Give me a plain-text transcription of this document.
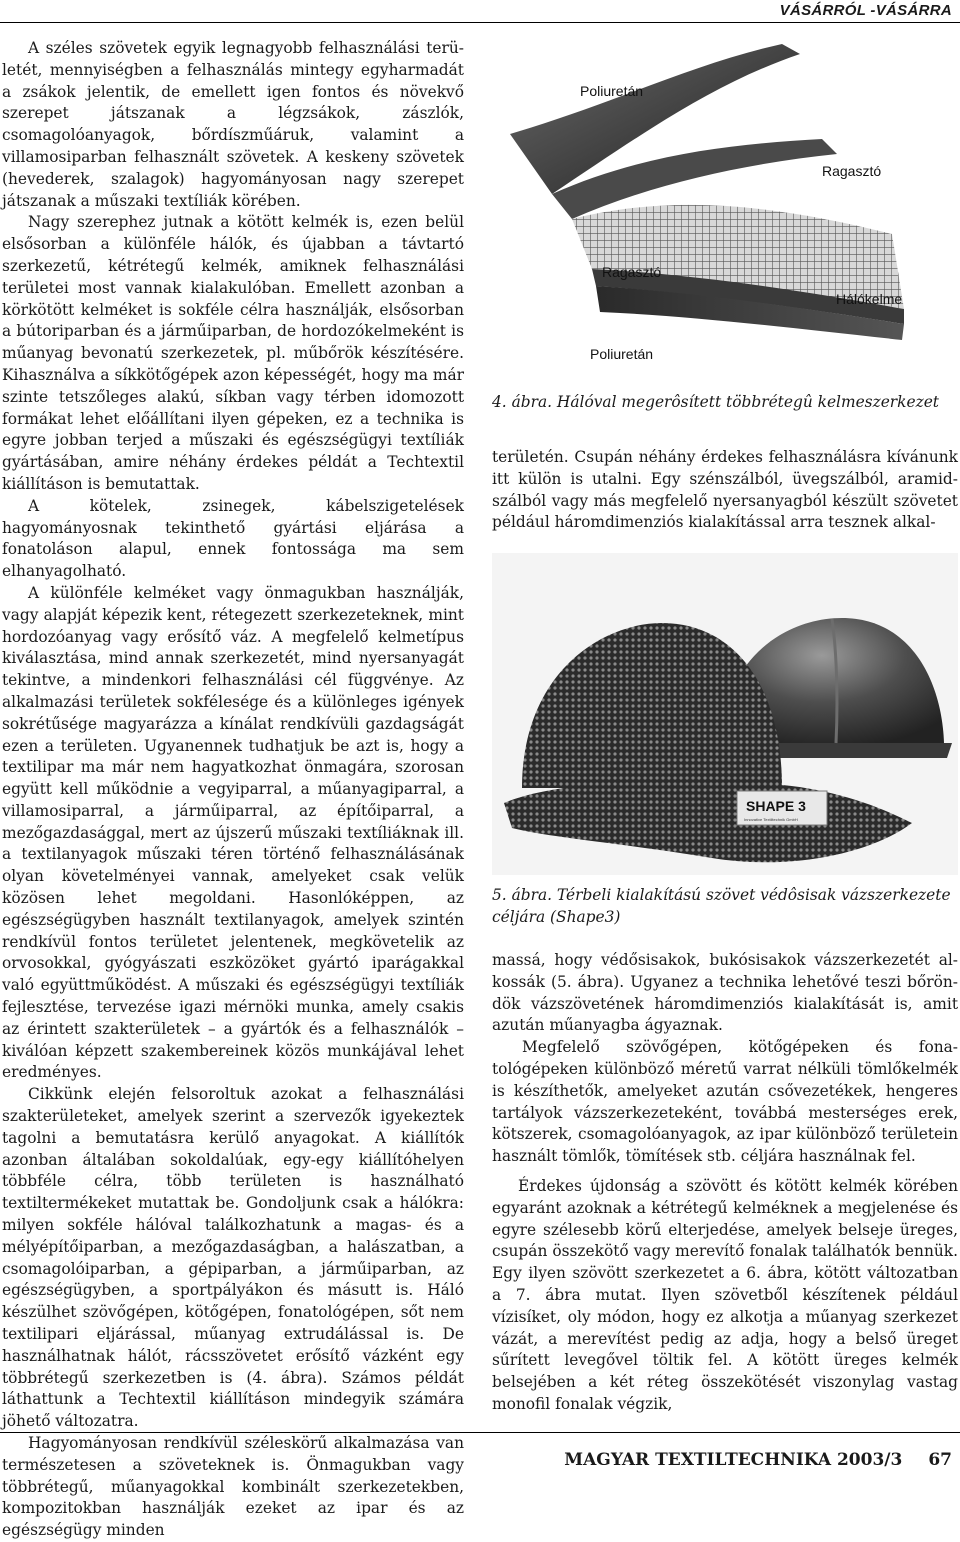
VÁSÁRRÓL -VÁSÁRRA

A széles szövetek egyik legnagyobb felhasználási területét, mennyiségben a felhasználás mintegy egyharmadát a zsákok jelentik, de emellett igen fontos és növekvő szerepet játszanak a légzsákok, zászlók, csomagolóanyagok, bőrdíszműáruk, valamint a villamosiparban felhasznált szövetek. A keskeny szövetek (hevederek, szalagok) hagyományosan nagy szerepet játszanak a műszaki textíliák körében.

Nagy szerephez jutnak a kötött kelmék is, ezen belül elsősorban a különféle hálók, és újabban a távtartó szerkezetű, kétrétegű kelmék, amiknek felhasználási területei most vannak kialakulóban. Emellett azonban a körkötött kelméket is sokféle célra használják, elsősorban a bútoriparban és a járműiparban, de hordozókelmeként is műanyag bevonatú szerkezetek, pl. műbőrök készítésére. Kihasználva a síkkötőgépek azon képességét, hogy ma már szinte tetszőleges alakú, síkban vagy térben idomozott formákat lehet előállítani ilyen gépeken, ez a technika is egyre jobban terjed a műszaki és egészségügyi textíliák gyártásában, amire néhány érdekes példát a Techtextil kiállításon is bemutattak.

A kötelek, zsinegek, kábelszigetelések hagyományosnak tekinthető gyártási eljárása a fonatoláson alapul, ennek fontossága ma sem elhanyagolható.

A különféle kelméket vagy önmagukban használják, vagy alapját képezik kent, rétegezett szerkezeteknek, mint hordozóanyag vagy erősítő váz. A megfelelő kelmetípus kiválasztása, mind annak szerkezetét, mind nyersanyagát tekintve, a mindenkori felhasználási cél függvénye. Az alkalmazási területek sokfélesége és a különleges igények sokrétűsége magyarázza a kínálat rendkívüli gazdagságát ezen a területen. Ugyanennek tudhatjuk be azt is, hogy a textilipar ma már nem hagyatkozhat önmagára, szorosan együtt kell működnie a vegyiparral, a műanyagiparral, a villamosiparral, a járműiparral, az építőiparral, a mezőgazdasággal, mert az újszerű műszaki textíliáknak ill. a textilanyagok műszaki téren történő felhasználásának olyan követelményei vannak, amelyeket csak velük közösen lehet megoldani. Hasonlóképpen, az egészségügyben használt textilanyagok, amelyek szintén rendkívül fontos területet jelentenek, megkövetelik az orvosokkal, gyógyászati eszközöket gyártó iparágakkal való együttműködést. A műszaki és egészségügyi textíliák fejlesztése, tervezése igazi mérnöki munka, amely csakis az érintett szakterületek – a gyártók és a felhasználók – kiválóan képzett szakembereinek közös munkájával lehet eredményes.

Cikkünk elején felsoroltuk azokat a felhasználási szakterületeket, amelyek szerint a szervezők igyekeztek tagolni a bemutatásra kerülő anyagokat. A kiállítók azonban általában sokoldalúak, egy-egy kiállítóhelyen többféle célra, több területen is használható textiltermékeket mutattak be. Gondoljunk csak a hálókra: milyen sokféle hálóval találkozhatunk a magas- és a mélyépítőiparban, a mezőgazdaságban, a halászatban, a csomagolóiparban, a gépiparban, a járműiparban, az egészségügyben, a sportpályákon és másutt is. Háló készülhet szövőgépen, kötőgépen, fonatológépen, sőt nem textilipari eljárással, műanyag extrudálással is. De használhatnak hálót, rácsszövetet erősítő vázként egy többrétegű szerkezetben is (4. ábra). Számos példát láthattunk a Techtextil kiállításon mindegyik számára jöhető változatra.

Hagyományosan rendkívül széleskörű alkalmazása van természetesen a szöveteknek is. Önmagukban vagy többrétegű, műanyagokkal kombinált szerkezetekben, kompozitokban használják ezeket az ipar és az egészségügy minden

Poliuretán
Ragasztó
Ragasztó
Hálókelme
Poliuretán
4. ábra. Hálóval megerôsített többrétegû kelmeszerkezet

területén. Csupán néhány érdekes felhasználásra kívánunk itt külön is utalni. Egy szénszálból, üvegszálból, aramidszálból vagy más megfelelő nyersanyagból készült szövetet például háromdimenziós kialakítással arra tesznek alkal-

SHAPE 3
Innovative Textiltechnik GmbH
5. ábra. Térbeli kialakítású szövet védôsisak vázszerkezete céljára (Shape3)

massá, hogy védősisakok, bukósisakok vázszerkezetét alkossák (5. ábra). Ugyanez a technika lehetővé teszi bőröndök vázszövetének háromdimenziós kialakítását is, amit azután műanyagba ágyaznak.

Megfelelő szövőgépen, kötőgépeken és fonatológépeken különböző méretű varrat nélküli tömlőkelmék is készíthetők, amelyeket azután csővezetékek, hengeres tartályok vázszerkezeteként, továbbá mesterséges erek, kötszerek, csomagolóanyagok, az ipar különböző területein használt tömlők, tömítések stb. céljára használnak fel.

Érdekes újdonság a szövött és kötött kelmék körében egyaránt azoknak a kétrétegű kelméknek a megjelenése és egyre szélesebb körű elterjedése, amelyek belseje üreges, csupán összekötő vagy merevítő fonalak találhatók bennük. Egy ilyen szövött szerkezetet a 6. ábra, kötött változatban a 7. ábra mutat. Ilyen szövetből készítenek például vízisíket, oly módon, hogy ez alkotja a műanyag szerkezet vázát, a merevítést pedig az adja, hogy a belső üreget sűrített levegővel töltik fel. A kötött üreges kelmék belsejében a két réteg összekötését viszonylag vastag monofil fonalak végzik,

MAGYAR TEXTILTECHNIKA 2003/3 67
